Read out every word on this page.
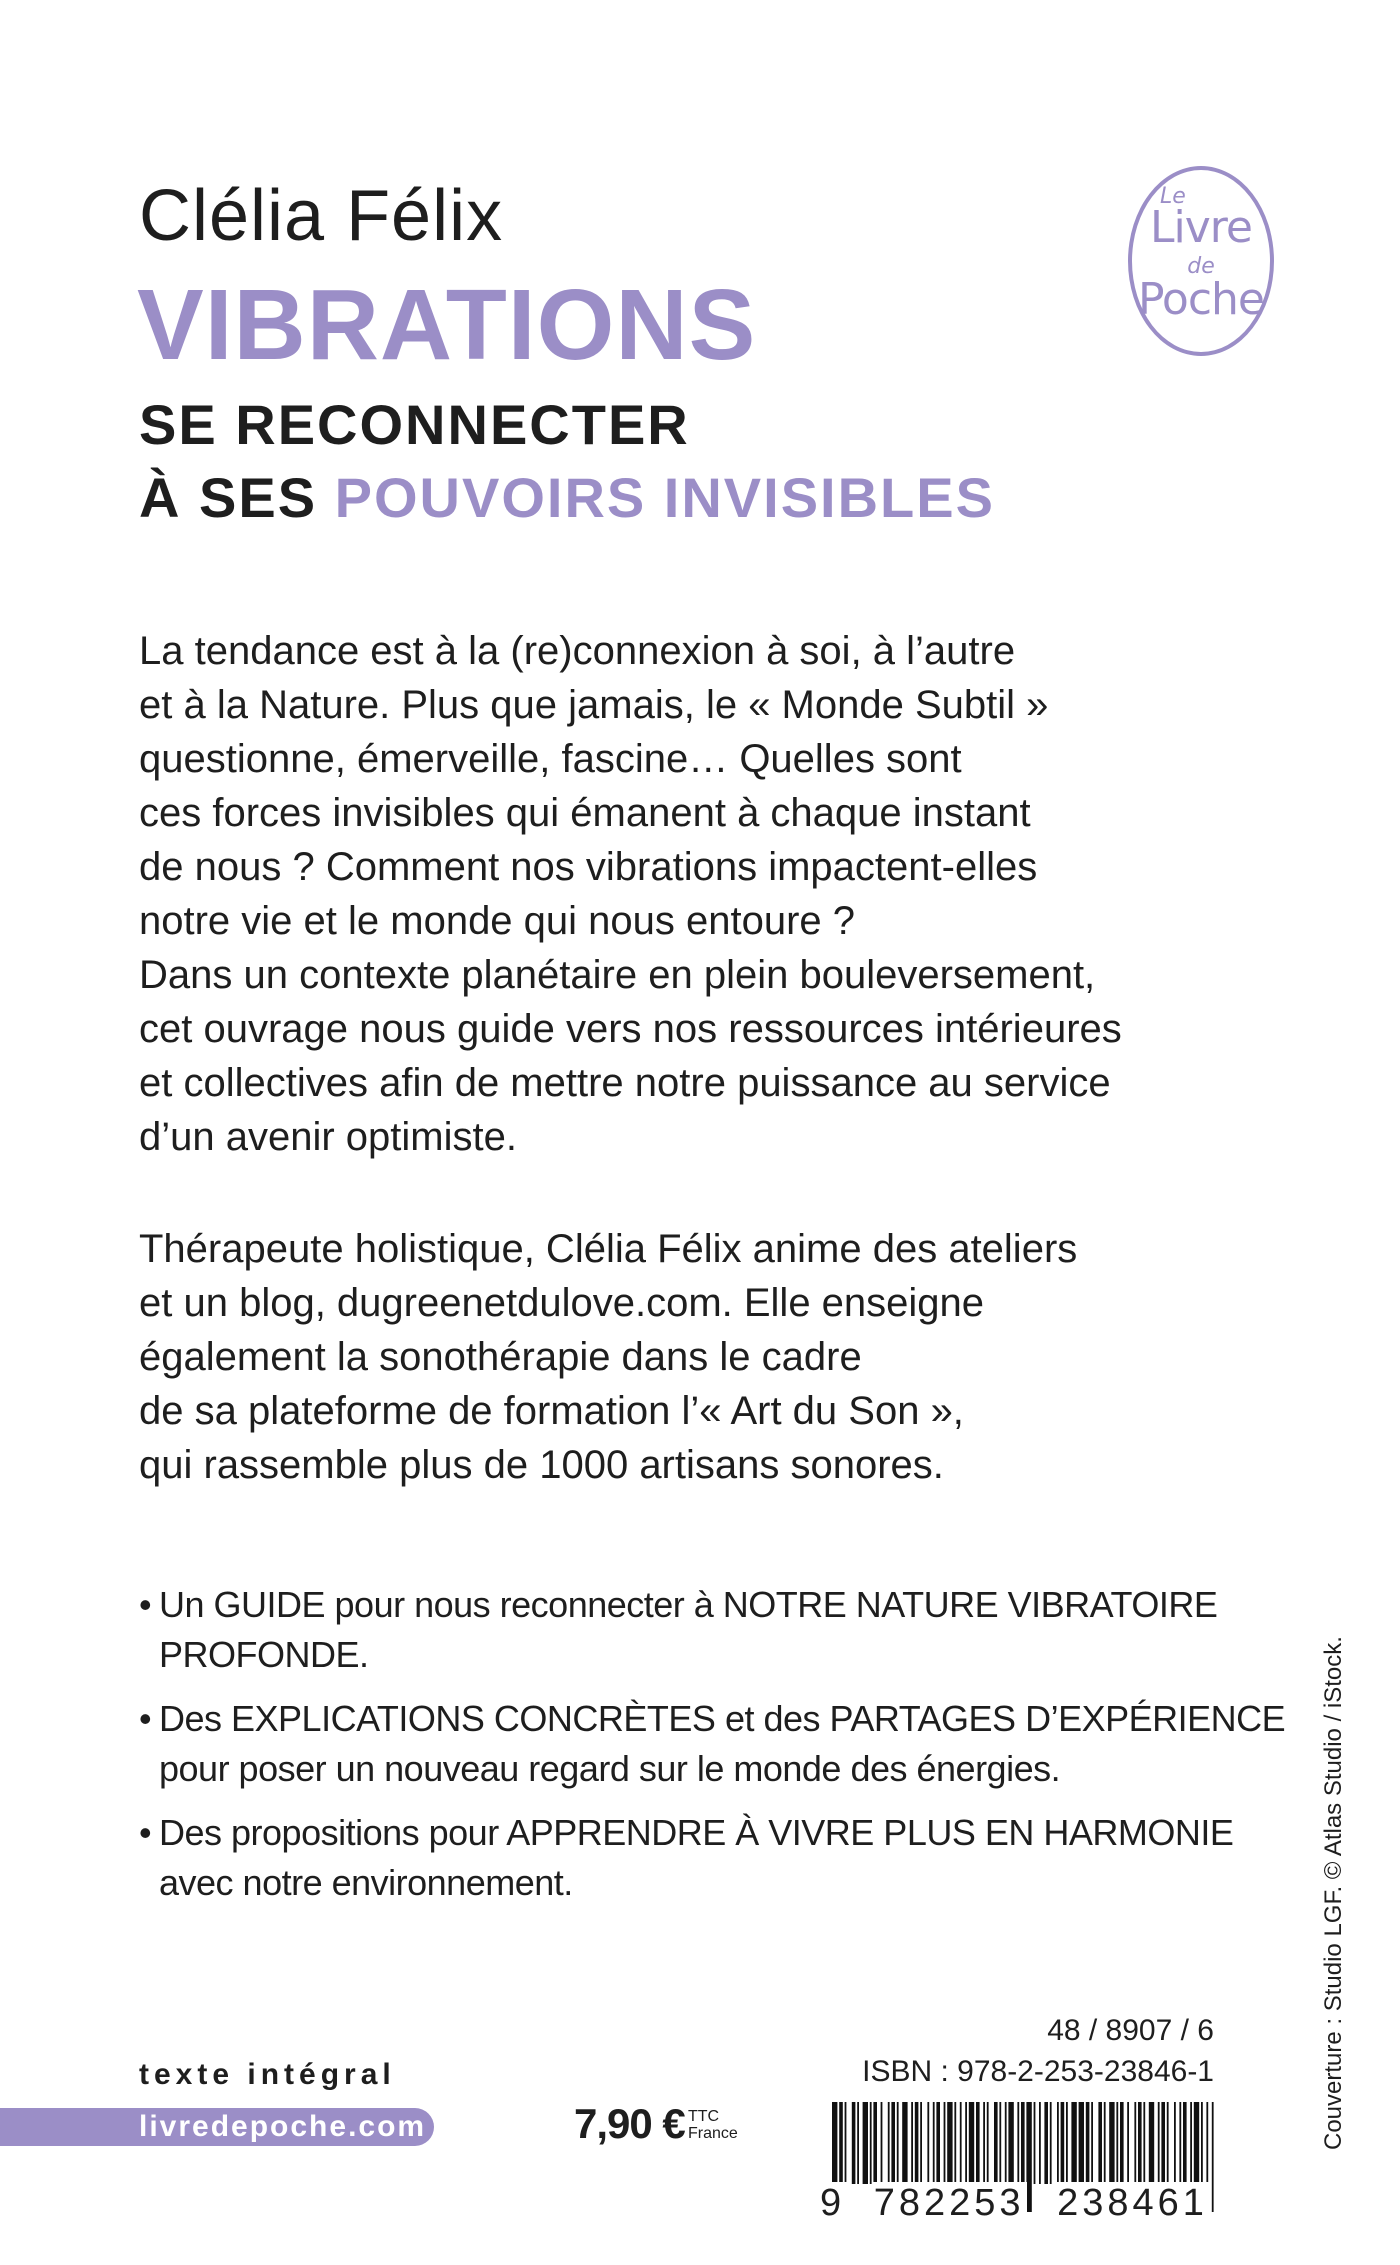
Clélia Félix
VIBRATIONS
SE RECONNECTER
À SES POUVOIRS INVISIBLES
Le
Livre
de
Poche
La tendance est à la (re)connexion à soi, à l’autre
et à la Nature. Plus que jamais, le « Monde Subtil »
questionne, émerveille, fascine… Quelles sont
ces forces invisibles qui émanent à chaque instant
de nous ? Comment nos vibrations impactent-elles
notre vie et le monde qui nous entoure ?
Dans un contexte planétaire en plein bouleversement,
cet ouvrage nous guide vers nos ressources intérieures
et collectives afin de mettre notre puissance au service
d’un avenir optimiste.
Thérapeute holistique, Clélia Félix anime des ateliers
et un blog, dugreenetdulove.com. Elle enseigne
également la sonothérapie dans le cadre
de sa plateforme de formation l’« Art du Son »,
qui rassemble plus de 1000 artisans sonores.
• Un GUIDE pour nous reconnecter à NOTRE NATURE VIBRATOIRE
PROFONDE.
• Des EXPLICATIONS CONCRÈTES et des PARTAGES D’EXPÉRIENCE
pour poser un nouveau regard sur le monde des énergies.
• Des propositions pour APPRENDRE À VIVRE PLUS EN HARMONIE
avec notre environnement.	Couverture : Studio LGF. © Atlas Studio / iStock.
texte intégral
livredepoche.com	7,90 € TTC
France
48 / 8907 / 6
ISBN : 978-2-253-23846-1
9 782253 238461
